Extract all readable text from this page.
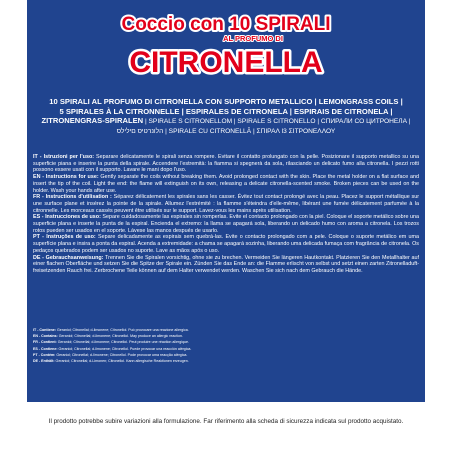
Coccio con 10 SPIRALI
AL PROFUMO DI
CITRONELLA
10 SPIRALI AL PROFUMO DI CITRONELLA CON SUPPORTO METALLICO | LEMONGRASS COILS |
5 SPIRALES À LA CITRONNELLE | ESPIRALES DE CITRONELA | ESPIRAIS DE CITRONELA |
ZITRONENGRAS-SPIRALEN | SPIRALE S CITRONELLOM | SPIRALE S CITRONELLO | СПИРАЛИ СО ЦИТРОНЕЛА |
הלונרטיס םילילס | SPIRALE CU CITRONELLĂ | ΣΠΙΡΑΛ Ι3 ΣΙΤΡΟΝΕΛΛΟΥ

IT - Istruzioni per l'uso: Separare delicatamente le spirali senza rompere. Evitare il contatto prolungato con la pelle. Posizionare il supporto metallico su una superficie piana e inserire la punta della spirale. Accendere l'estremità: la fiamma si spegnerà da sola, rilasciando un delicato fumo alla citronella. I pezzi rotti possono essere usati con il supporto. Lavare le mani dopo l'uso.

EN - Instructions for use: Gently separate the coils without breaking them. Avoid prolonged contact with the skin. Place the metal holder on a flat surface and insert the tip of the coil. Light the end: the flame will extinguish on its own, releasing a delicate citronella-scented smoke. Broken pieces can be used on the holder. Wash your hands after use.

FR - Instructions d'utilisation : Séparez délicatement les spirales sans les casser. Évitez tout contact prolongé avec la peau. Placez le support métallique sur une surface plane et insérez la pointe de la spirale. Allumez l'extrémité : la flamme s'éteindra d'elle-même, libérant une fumée délicatement parfumée à la citronnelle. Les morceaux cassés peuvent être utilisés sur le support. Lavez-vous les mains après utilisation.

ES - Instrucciones de uso: Separe cuidadosamente las espirales sin romperlas. Evite el contacto prolongado con la piel. Coloque el soporte metálico sobre una superficie plana e inserte la punta de la espiral. Encienda el extremo: la llama se apagará sola, liberando un delicado humo con aroma a citronela. Los trozos rotos pueden ser usados en el soporte. Lávese las manos después de usarlo.

PT - Instruções de uso: Separe delicadamente as espirais sem quebrá-las. Evite o contacto prolongado com a pele. Coloque o suporte metálico em uma superfície plana e insira a ponta da espiral. Acenda a extremidade: a chama se apagará sozinha, liberando uma delicada fumaça com fragrância de citronela. Os pedaços quebrados podem ser usados no suporte. Lave as mãos após o uso.

DE - Gebrauchsanweisung: Trennen Sie die Spiralen vorsichtig, ohne sie zu brechen. Vermeiden Sie längeren Hautkontakt. Platzieren Sie den Metallhalter auf einer flachen Oberfläche und setzen Sie die Spitze der Spirale ein. Zünden Sie das Ende an: die Flamme erlischt von selbst und setzt einen zarten Zitronelladuft-freisetzenden Rauch frei. Zerbrochene Teile können auf dem Halter verwendet werden. Waschen Sie sich nach dem Gebrauch die Hände.

IT - Contiene: Geraniol; Citronellal; d-limonene; Citronellol. Può provocare una reazione allergica.

EN - Contains: Geraniol; Citronellal; d-limonene; Citronellol. May produce an allergic reaction.

FR - Contient: Geraniol; Citronellal; d-limonene; Citronellol. Peut produire une réaction allergique.

ES - Contiene: Geraniol; Citronellal; d-limonene; Citronellol. Puede provocar una reacción alérgica.

PT - Contém: Geraniol; Citronellal; d-limonene; Citronellol. Pode provocar uma reacção alérgica.

DE - Enthält: Geraniol; Citronellal; d-Limonen; Citronellol. Kann allergische Reaktionen erzeugen.

Il prodotto potrebbe subire variazioni alla formulazione. Far riferimento alla scheda di sicurezza indicata sul prodotto acquistato.
